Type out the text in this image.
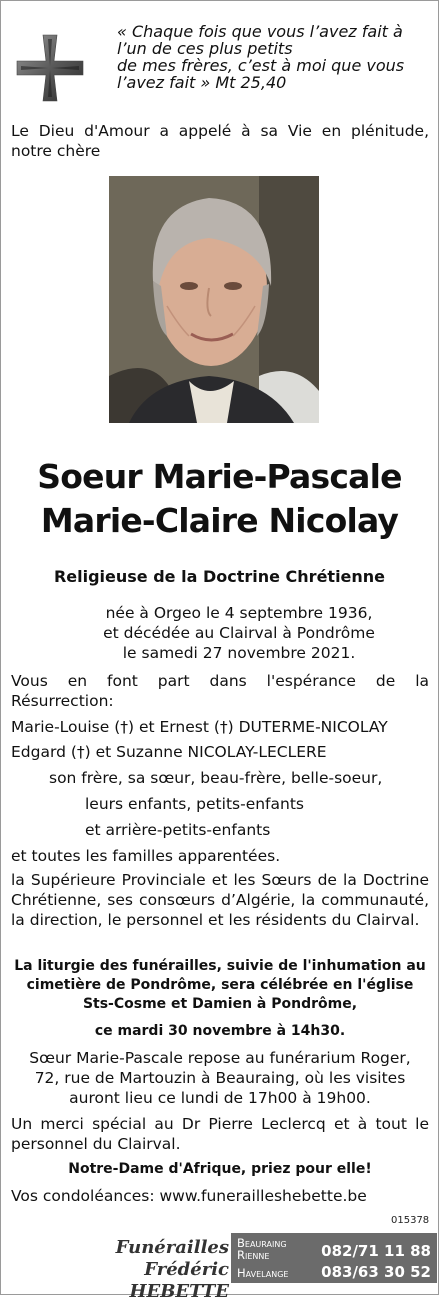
« Chaque fois que vous l’avez fait à
l’un de ces plus petits
de mes frères, c’est à moi que vous
l’avez fait » Mt 25,40
Le Dieu d'Amour a appelé à sa Vie en plénitude, notre chère
Soeur Marie-Pascale
Marie-Claire Nicolay
Religieuse de la Doctrine Chrétienne
née à Orgeo le 4 septembre 1936,
et décédée au Clairval à Pondrôme
le samedi 27 novembre 2021.
Vous en font part dans l'espérance de la Résurrection:
Marie-Louise (†) et Ernest (†) DUTERME-NICOLAY
Edgard (†) et Suzanne NICOLAY-LECLERE
son frère, sa sœur, beau-frère, belle-soeur,
leurs enfants, petits-enfants
et arrière-petits-enfants
et toutes les familles apparentées.
la Supérieure Provinciale et les Sœurs de la Doctrine Chrétienne, ses consœurs d’Algérie, la communauté, la direction, le personnel et les résidents du Clairval.
La liturgie des funérailles, suivie de l'inhumation au
cimetière de Pondrôme, sera célébrée en l'église
Sts-Cosme et Damien à Pondrôme,
ce mardi 30 novembre à 14h30.
Sœur Marie-Pascale repose au funérarium Roger,
72, rue de Martouzin à Beauraing, où les visites
auront lieu ce lundi de 17h00 à 19h00.
Un merci spécial au Dr Pierre Leclercq et à tout le personnel du Clairval.
Notre-Dame d'Afrique, priez pour elle!
Vos condoléances: www.funerailleshebette.be
015378
Funérailles
Frédéric HEBETTE
Beauraing
Rienne	082/71 11 88
Havelange 083/63 30 52
